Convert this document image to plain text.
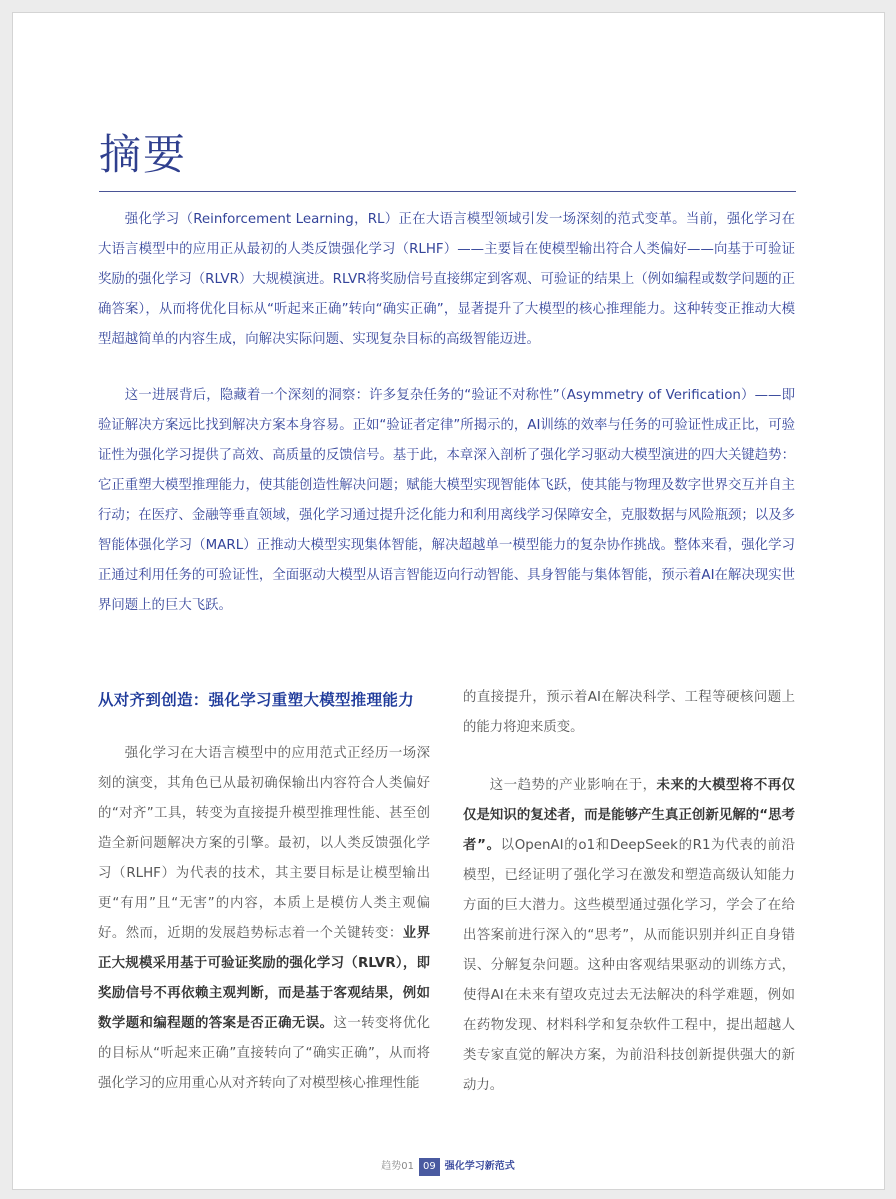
摘要

强化学习（Reinforcement Learning，RL）正在大语言模型领域引发一场深刻的范式变革。当前，强化学习在大语言模型中的应用正从最初的人类反馈强化学习（RLHF）——主要旨在使模型输出符合人类偏好——向基于可验证奖励的强化学习（RLVR）大规模演进。RLVR将奖励信号直接绑定到客观、可验证的结果上（例如编程或数学问题的正确答案），从而将优化目标从“听起来正确”转向“确实正确”，显著提升了大模型的核心推理能力。这种转变正推动大模型超越简单的内容生成，向解决实际问题、实现复杂目标的高级智能迈进。

这一进展背后，隐藏着一个深刻的洞察：许多复杂任务的“验证不对称性”（Asymmetry of Verification）——即验证解决方案远比找到解决方案本身容易。正如“验证者定律”所揭示的，AI训练的效率与任务的可验证性成正比，可验证性为强化学习提供了高效、高质量的反馈信号。基于此，本章深入剖析了强化学习驱动大模型演进的四大关键趋势：它正重塑大模型推理能力，使其能创造性解决问题；赋能大模型实现智能体飞跃，使其能与物理及数字世界交互并自主行动；在医疗、金融等垂直领域，强化学习通过提升泛化能力和利用离线学习保障安全，克服数据与风险瓶颈；以及多智能体强化学习（MARL）正推动大模型实现集体智能，解决超越单一模型能力的复杂协作挑战。整体来看，强化学习正通过利用任务的可验证性，全面驱动大模型从语言智能迈向行动智能、具身智能与集体智能，预示着AI在解决现实世界问题上的巨大飞跃。

从对齐到创造：强化学习重塑大模型推理能力

强化学习在大语言模型中的应用范式正经历一场深刻的演变，其角色已从最初确保输出内容符合人类偏好的“对齐”工具，转变为直接提升模型推理性能、甚至创造全新问题解决方案的引擎。最初，以人类反馈强化学习（RLHF）为代表的技术，其主要目标是让模型输出更“有用”且“无害”的内容，本质上是模仿人类主观偏好。然而，近期的发展趋势标志着一个关键转变：业界正大规模采用基于可验证奖励的强化学习（RLVR），即奖励信号不再依赖主观判断，而是基于客观结果，例如数学题和编程题的答案是否正确无误。这一转变将优化的目标从“听起来正确”直接转向了“确实正确”，从而将强化学习的应用重心从对齐转向了对模型核心推理性能

的直接提升，预示着AI在解决科学、工程等硬核问题上的能力将迎来质变。

这一趋势的产业影响在于，未来的大模型将不再仅仅是知识的复述者，而是能够产生真正创新见解的“思考者”。以OpenAI的o1和DeepSeek的R1为代表的前沿模型，已经证明了强化学习在激发和塑造高级认知能力方面的巨大潜力。这些模型通过强化学习，学会了在给出答案前进行深入的“思考”，从而能识别并纠正自身错误、分解复杂问题。这种由客观结果驱动的训练方式，使得AI在未来有望攻克过去无法解决的科学难题，例如在药物发现、材料科学和复杂软件工程中，提出超越人类专家直觉的解决方案，为前沿科技创新提供强大的新动力。

趋势01 09 强化学习新范式
